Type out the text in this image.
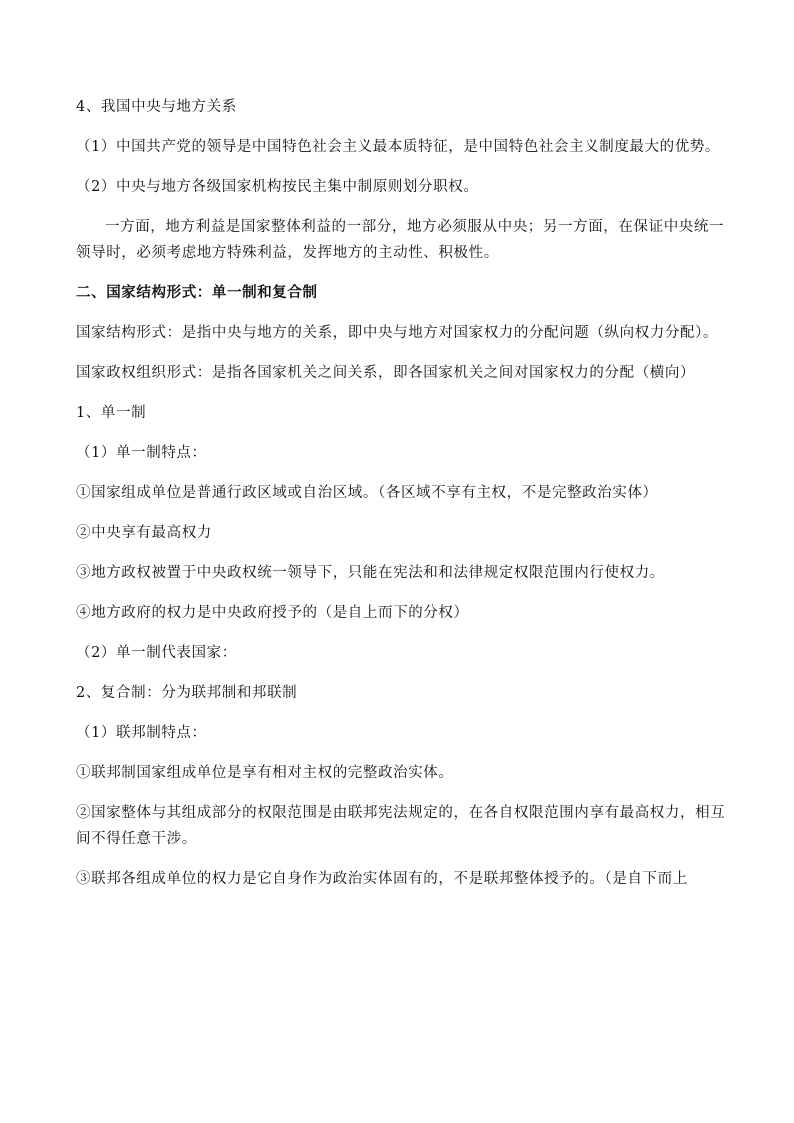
4、我国中央与地方关系

（1）中国共产党的领导是中国特色社会主义最本质特征，是中国特色社会主义制度最大的优势。

（2）中央与地方各级国家机构按民主集中制原则划分职权。

一方面，地方利益是国家整体利益的一部分，地方必须服从中央；另一方面，在保证中央统一领导时，必须考虑地方特殊利益，发挥地方的主动性、积极性。

二、国家结构形式：单一制和复合制

国家结构形式：是指中央与地方的关系，即中央与地方对国家权力的分配问题（纵向权力分配）。

国家政权组织形式：是指各国家机关之间关系，即各国家机关之间对国家权力的分配（横向）

1、单一制

（1）单一制特点：

①国家组成单位是普通行政区域或自治区域。（各区域不享有主权，不是完整政治实体）

②中央享有最高权力

③地方政权被置于中央政权统一领导下，只能在宪法和和法律规定权限范围内行使权力。

④地方政府的权力是中央政府授予的（是自上而下的分权）

（2）单一制代表国家：

2、复合制：分为联邦制和邦联制

（1）联邦制特点：

①联邦制国家组成单位是享有相对主权的完整政治实体。

②国家整体与其组成部分的权限范围是由联邦宪法规定的，在各自权限范围内享有最高权力，相互间不得任意干涉。

③联邦各组成单位的权力是它自身作为政治实体固有的，不是联邦整体授予的。（是自下而上
